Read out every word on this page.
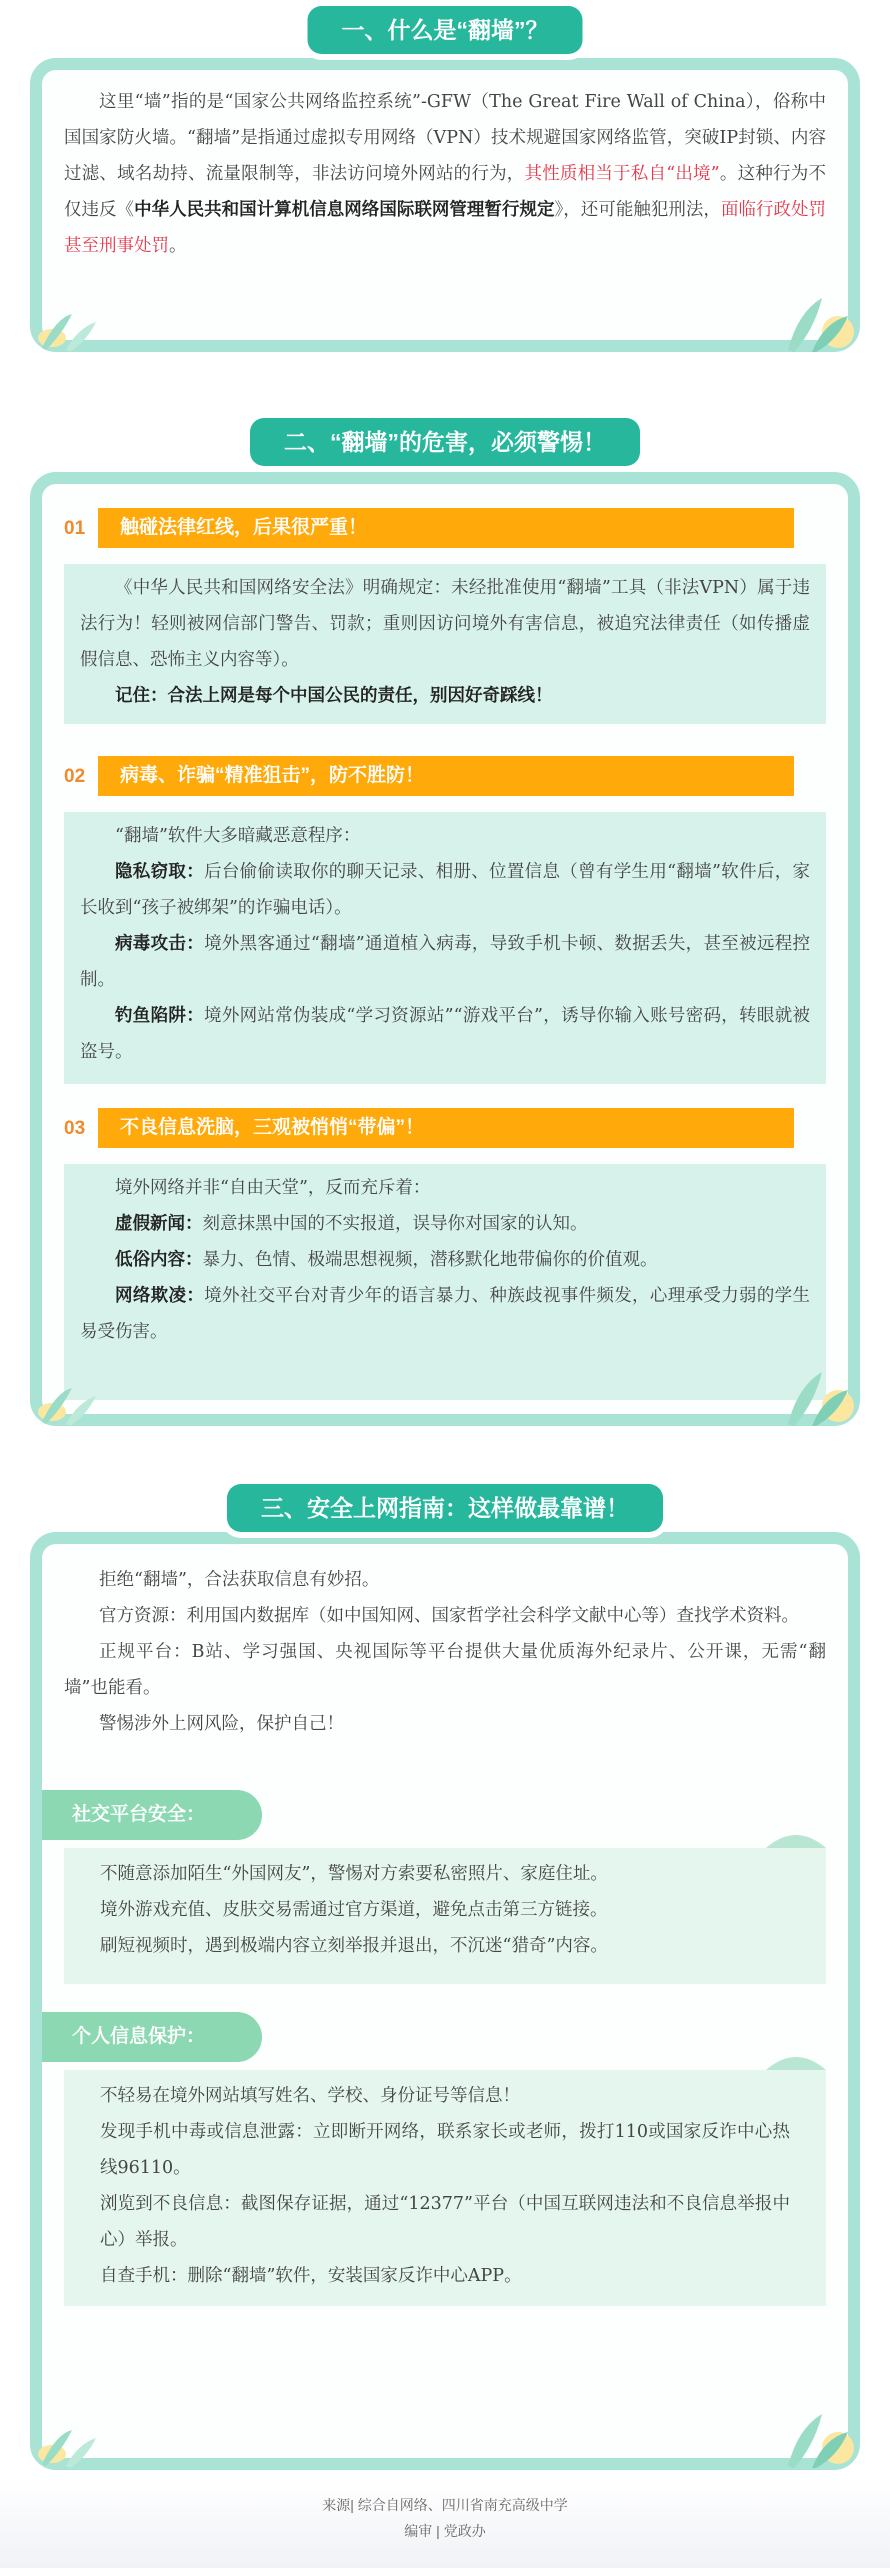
这里“墙”指的是“国家公共网络监控系统”-GFW（The Great Fire Wall of China），俗称中国国家防火墙。“翻墙”是指通过虚拟专用网络（VPN）技术规避国家网络监管，突破IP封锁、内容过滤、域名劫持、流量限制等，非法访问境外网站的行为，其性质相当于私自“出境”。这种行为不仅违反《中华人民共和国计算机信息网络国际联网管理暂行规定》，还可能触犯刑法，面临行政处罚甚至刑事处罚。
一、什么是“翻墙”？
01	触碰法律红线，后果很严重！
《中华人民共和国网络安全法》明确规定：未经批准使用“翻墙”工具（非法VPN）属于违法行为！轻则被网信部门警告、罚款；重则因访问境外有害信息，被追究法律责任（如传播虚假信息、恐怖主义内容等）。
记住：合法上网是每个中国公民的责任，别因好奇踩线！
02	病毒、诈骗“精准狙击”，防不胜防！
“翻墙”软件大多暗藏恶意程序：
隐私窃取：后台偷偷读取你的聊天记录、相册、位置信息（曾有学生用“翻墙”软件后，家长收到“孩子被绑架”的诈骗电话）。
病毒攻击：境外黑客通过“翻墙”通道植入病毒，导致手机卡顿、数据丢失，甚至被远程控制。
钓鱼陷阱：境外网站常伪装成“学习资源站”“游戏平台”，诱导你输入账号密码，转眼就被盗号。
03	不良信息洗脑，三观被悄悄“带偏”！
境外网络并非“自由天堂”，反而充斥着：
虚假新闻：刻意抹黑中国的不实报道，误导你对国家的认知。
低俗内容：暴力、色情、极端思想视频，潜移默化地带偏你的价值观。
网络欺凌：境外社交平台对青少年的语言暴力、种族歧视事件频发，心理承受力弱的学生易受伤害。
二、“翻墙”的危害，必须警惕！
拒绝“翻墙”，合法获取信息有妙招。
官方资源：利用国内数据库（如中国知网、国家哲学社会科学文献中心等）查找学术资料。
正规平台：B站、学习强国、央视国际等平台提供大量优质海外纪录片、公开课，无需“翻墙”也能看。
警惕涉外上网风险，保护自己！
社交平台安全：
不随意添加陌生“外国网友”，警惕对方索要私密照片、家庭住址。
境外游戏充值、皮肤交易需通过官方渠道，避免点击第三方链接。
刷短视频时，遇到极端内容立刻举报并退出，不沉迷“猎奇”内容。
个人信息保护：
不轻易在境外网站填写姓名、学校、身份证号等信息！
发现手机中毒或信息泄露：立即断开网络，联系家长或老师，拨打110或国家反诈中心热线96110。
浏览到不良信息：截图保存证据，通过“12377”平台（中国互联网违法和不良信息举报中心）举报。
自查手机：删除“翻墙”软件，安装国家反诈中心APP。
三、安全上网指南：这样做最靠谱！
来源| 综合自网络、四川省南充高级中学
编审 | 党政办
